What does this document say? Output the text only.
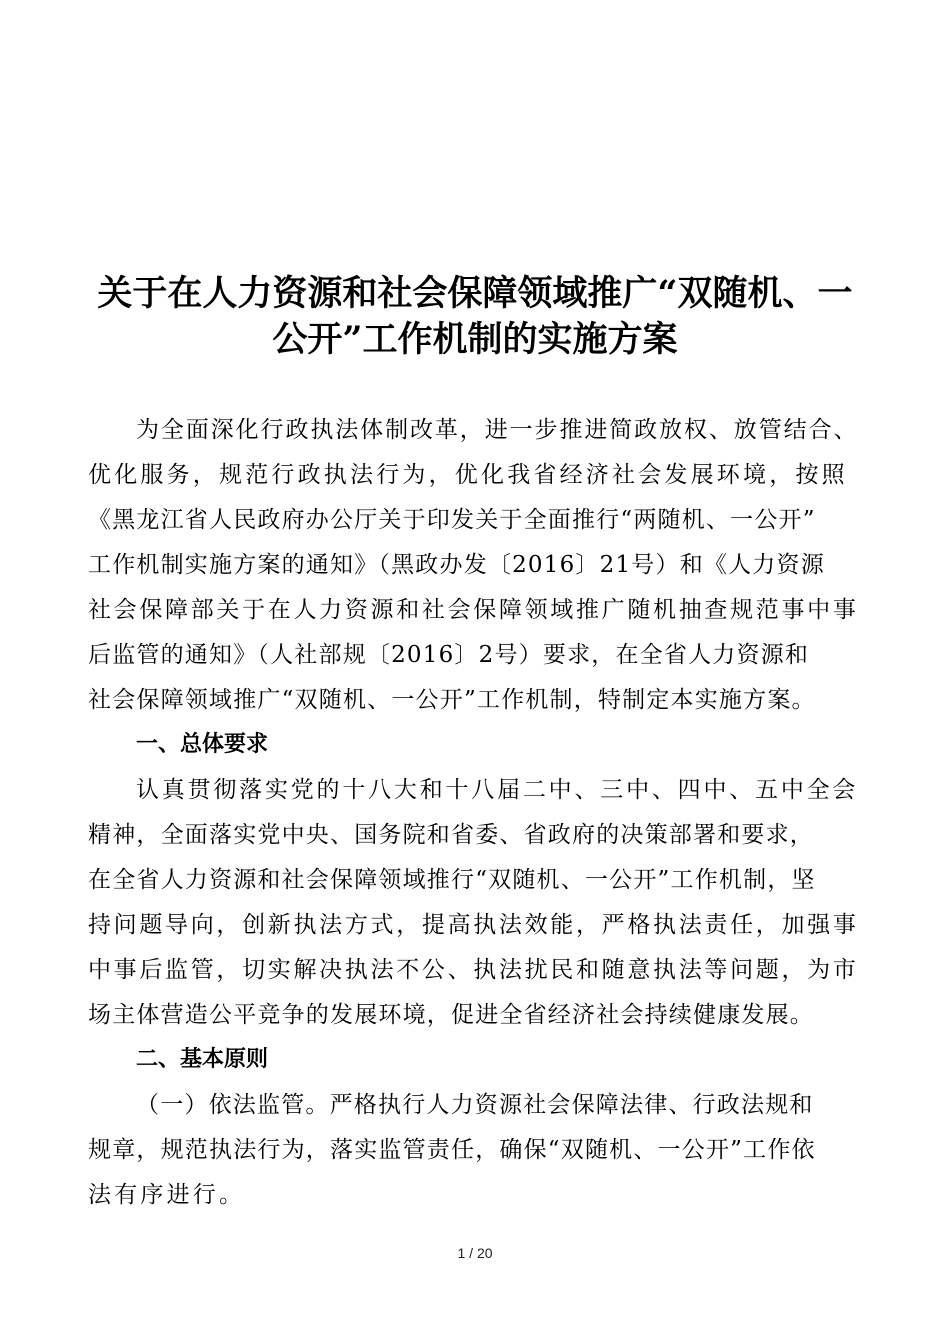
关于在人力资源和社会保障领域推广“双随机、一
公开”工作机制的实施方案
为全面深化行政执法体制改革，进一步推进简政放权、放管结合、
优化服务，规范行政执法行为，优化我省经济社会发展环境，按照
《黑龙江省人民政府办公厅关于印发关于全面推行“两随机、一公开”
工作机制实施方案的通知》（黑政办发〔2016〕21号）和《人力资源
社会保障部关于在人力资源和社会保障领域推广随机抽查规范事中事
后监管的通知》（人社部规〔2016〕2号）要求，在全省人力资源和
社会保障领域推广“双随机、一公开”工作机制，特制定本实施方案。
一、总体要求
认真贯彻落实党的十八大和十八届二中、三中、四中、五中全会
精神，全面落实党中央、国务院和省委、省政府的决策部署和要求，
在全省人力资源和社会保障领域推行“双随机、一公开”工作机制，坚
持问题导向，创新执法方式，提高执法效能，严格执法责任，加强事
中事后监管，切实解决执法不公、执法扰民和随意执法等问题，为市
场主体营造公平竞争的发展环境，促进全省经济社会持续健康发展。
二、基本原则
（一）依法监管。严格执行人力资源社会保障法律、行政法规和
规章，规范执法行为，落实监管责任，确保“双随机、一公开”工作依
法有序进行。
1 / 20
